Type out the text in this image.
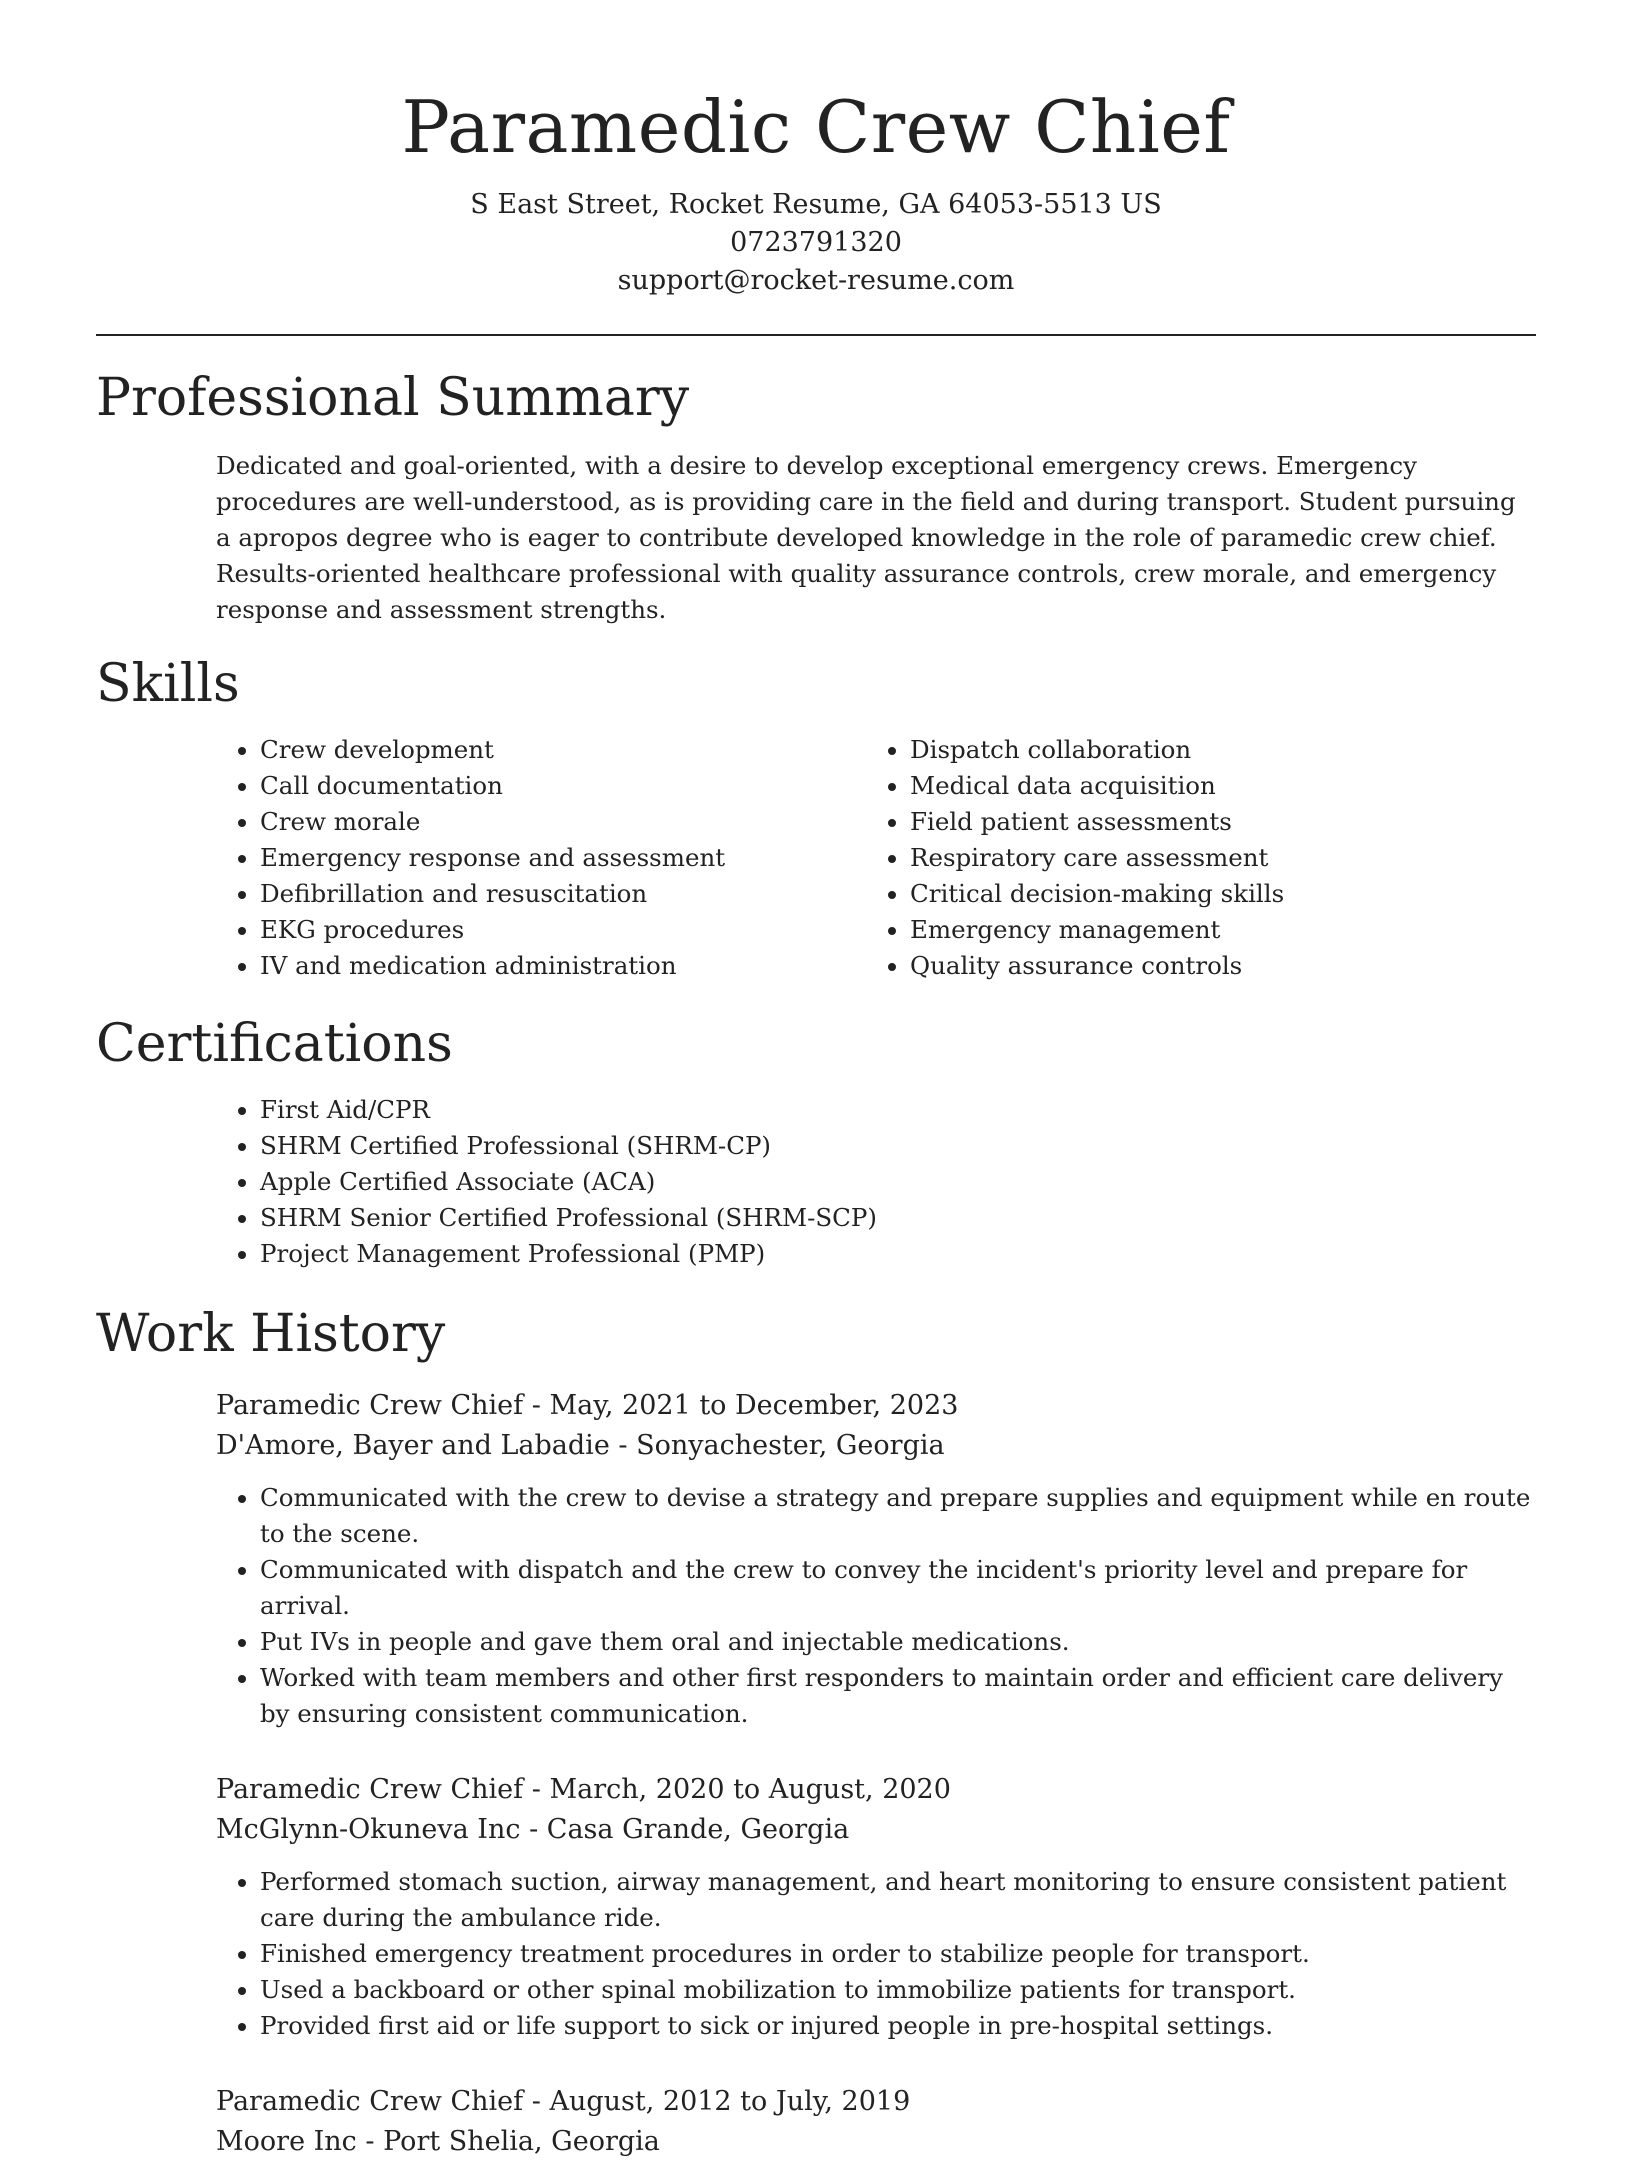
Paramedic Crew Chief
S East Street, Rocket Resume, GA 64053-5513 US
0723791320
support@rocket-resume.com
Professional Summary

Dedicated and goal-oriented, with a desire to develop exceptional emergency crews. Emergency procedures are well-understood, as is providing care in the field and during transport. Student pursuing a apropos degree who is eager to contribute developed knowledge in the role of paramedic crew chief. Results-oriented healthcare professional with quality assurance controls, crew morale, and emergency response and assessment strengths.

Skills
• Crew development
• Call documentation
• Crew morale
• Emergency response and assessment
• Defibrillation and resuscitation
• EKG procedures
• IV and medication administration
• Dispatch collaboration
• Medical data acquisition
• Field patient assessments
• Respiratory care assessment
• Critical decision-making skills
• Emergency management
• Quality assurance controls
Certifications
• First Aid/CPR
• SHRM Certified Professional (SHRM-CP)
• Apple Certified Associate (ACA)
• SHRM Senior Certified Professional (SHRM-SCP)
• Project Management Professional (PMP)
Work History
Paramedic Crew Chief - May, 2021 to December, 2023
D'Amore, Bayer and Labadie - Sonyachester, Georgia
• Communicated with the crew to devise a strategy and prepare supplies and equipment while en route to the scene.
• Communicated with dispatch and the crew to convey the incident's priority level and prepare for arrival.
• Put IVs in people and gave them oral and injectable medications.
• Worked with team members and other first responders to maintain order and efficient care delivery by ensuring consistent communication.
Paramedic Crew Chief - March, 2020 to August, 2020
McGlynn-Okuneva Inc - Casa Grande, Georgia
• Performed stomach suction, airway management, and heart monitoring to ensure consistent patient care during the ambulance ride.
• Finished emergency treatment procedures in order to stabilize people for transport.
• Used a backboard or other spinal mobilization to immobilize patients for transport.
• Provided first aid or life support to sick or injured people in pre-hospital settings.
Paramedic Crew Chief - August, 2012 to July, 2019
Moore Inc - Port Shelia, Georgia
